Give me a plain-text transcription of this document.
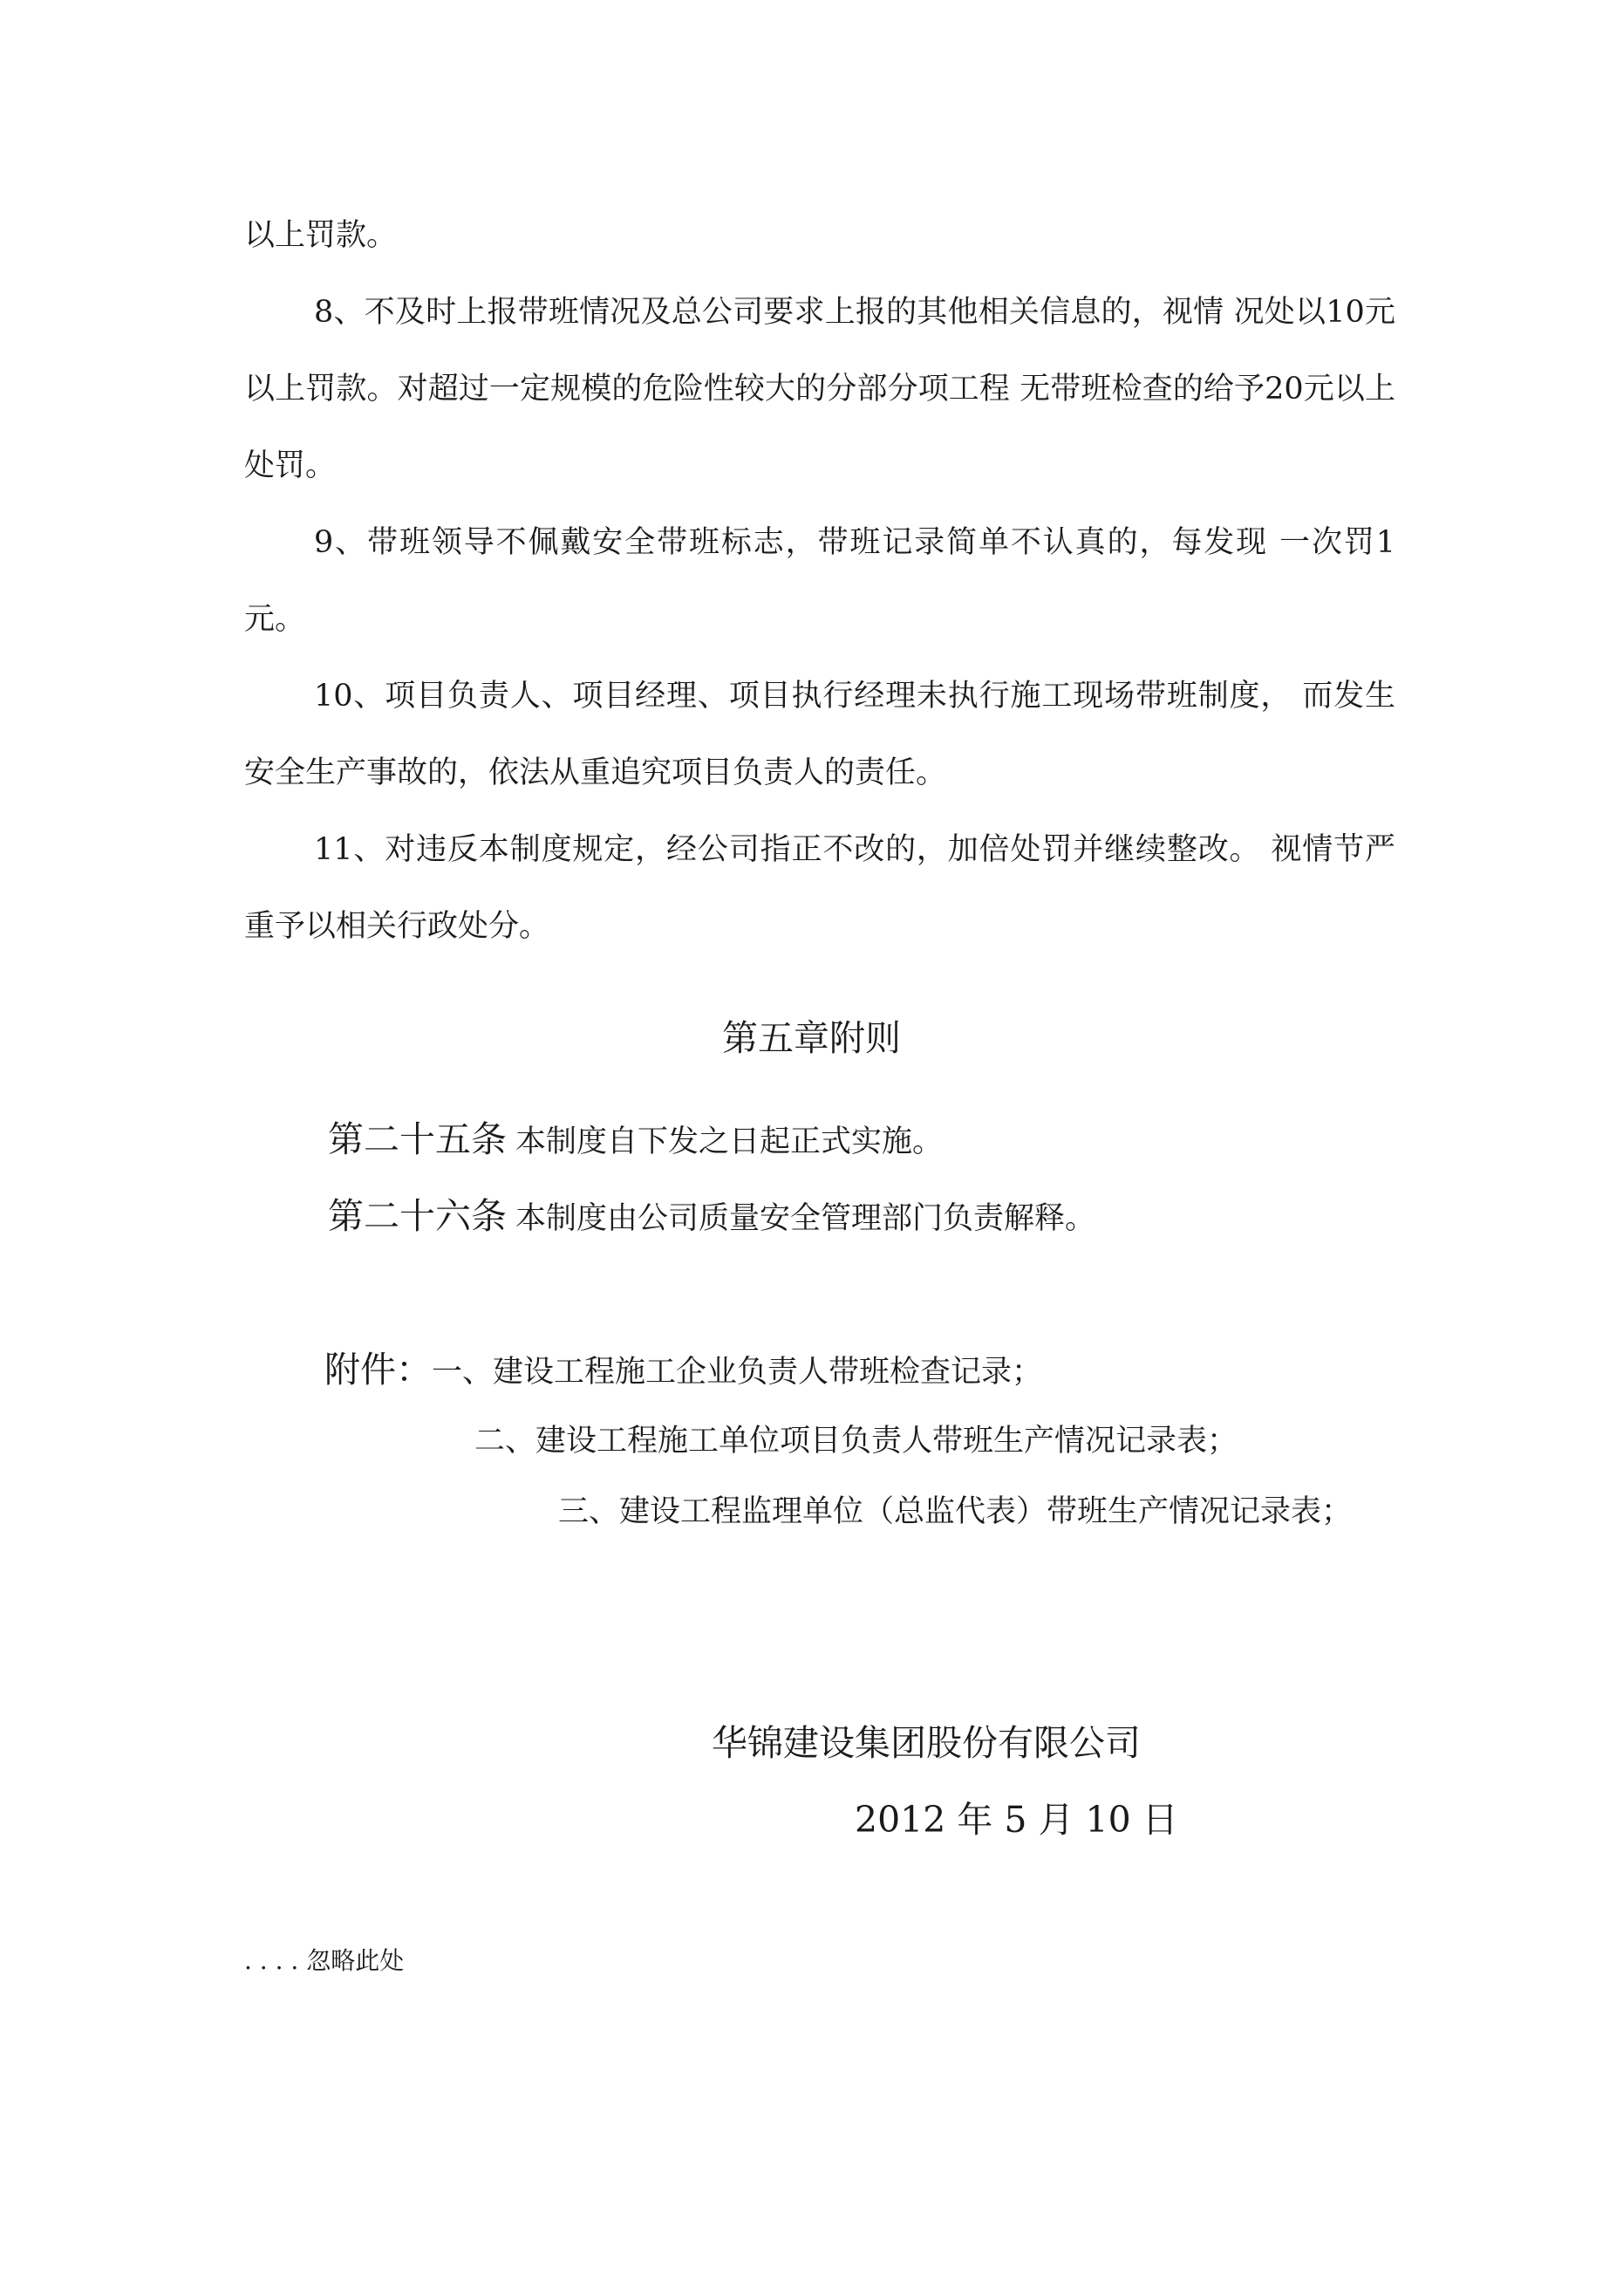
以上罚款。

8、不及时上报带班情况及总公司要求上报的其他相关信息的，视情 况处以10元以上罚款。对超过一定规模的危险性较大的分部分项工程 无带班检查的给予20元以上处罚。

9、带班领导不佩戴安全带班标志，带班记录简单不认真的，每发现 一次罚1元。

10、项目负责人、项目经理、项目执行经理未执行施工现场带班制度， 而发生安全生产事故的，依法从重追究项目负责人的责任。

11、对违反本制度规定，经公司指正不改的，加倍处罚并继续整改。 视情节严重予以相关行政处分。

第五章附则

第二十五条 本制度自下发之日起正式实施。

第二十六条 本制度由公司质量安全管理部门负责解释。

附件：一、建设工程施工企业负责人带班检查记录；

二、建设工程施工单位项目负责人带班生产情况记录表；

三、建设工程监理单位（总监代表）带班生产情况记录表；

华锦建设集团股份有限公司

2012 年 5 月 10 日

. . . . 忽略此处
